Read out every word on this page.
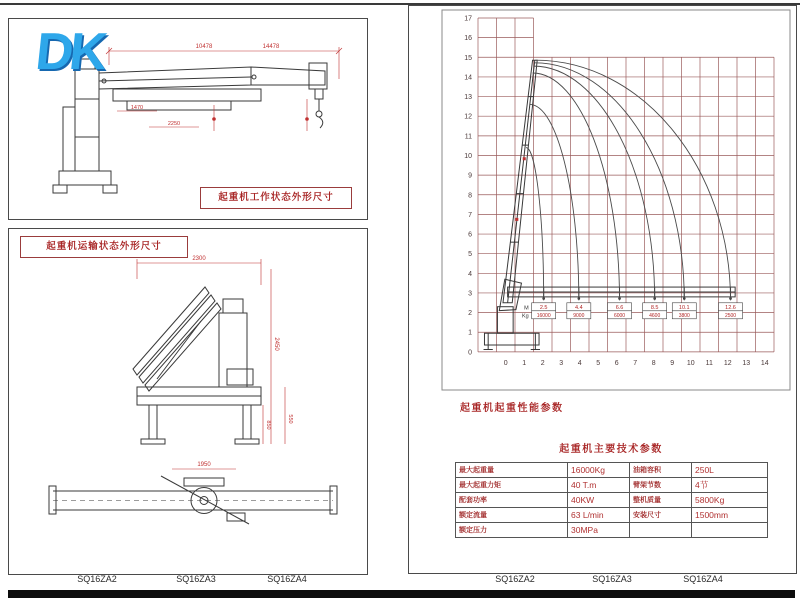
10478	14478
1470
2250
DK
起重机工作状态外形尺寸
2300
2450
850
550
1950
起重机运输状态外形尺寸
17
16
15
14
13
12
11
10
9
8
7
6
5
4
3
2
1
0
0 1 2 3 4 5 6 7 8 9 10 11 12 13 14
2.5
16000
4.4
9000
6.6
6000
8.5
4600
10.1
3800
12.6
2500
M
Kg
起重机起重性能参数
起重机主要技术参数
最大起重量	16000Kg	油箱容积	250L
最大起重力矩	40 T.m	臂架节数	4节
配套功率	40KW	整机质量	5800Kg
额定流量	63 L/min	安装尺寸	1500mm
额定压力	30MPa
SQ16ZA2	SQ16ZA3	SQ16ZA4	SQ16ZA2	SQ16ZA3	SQ16ZA4
